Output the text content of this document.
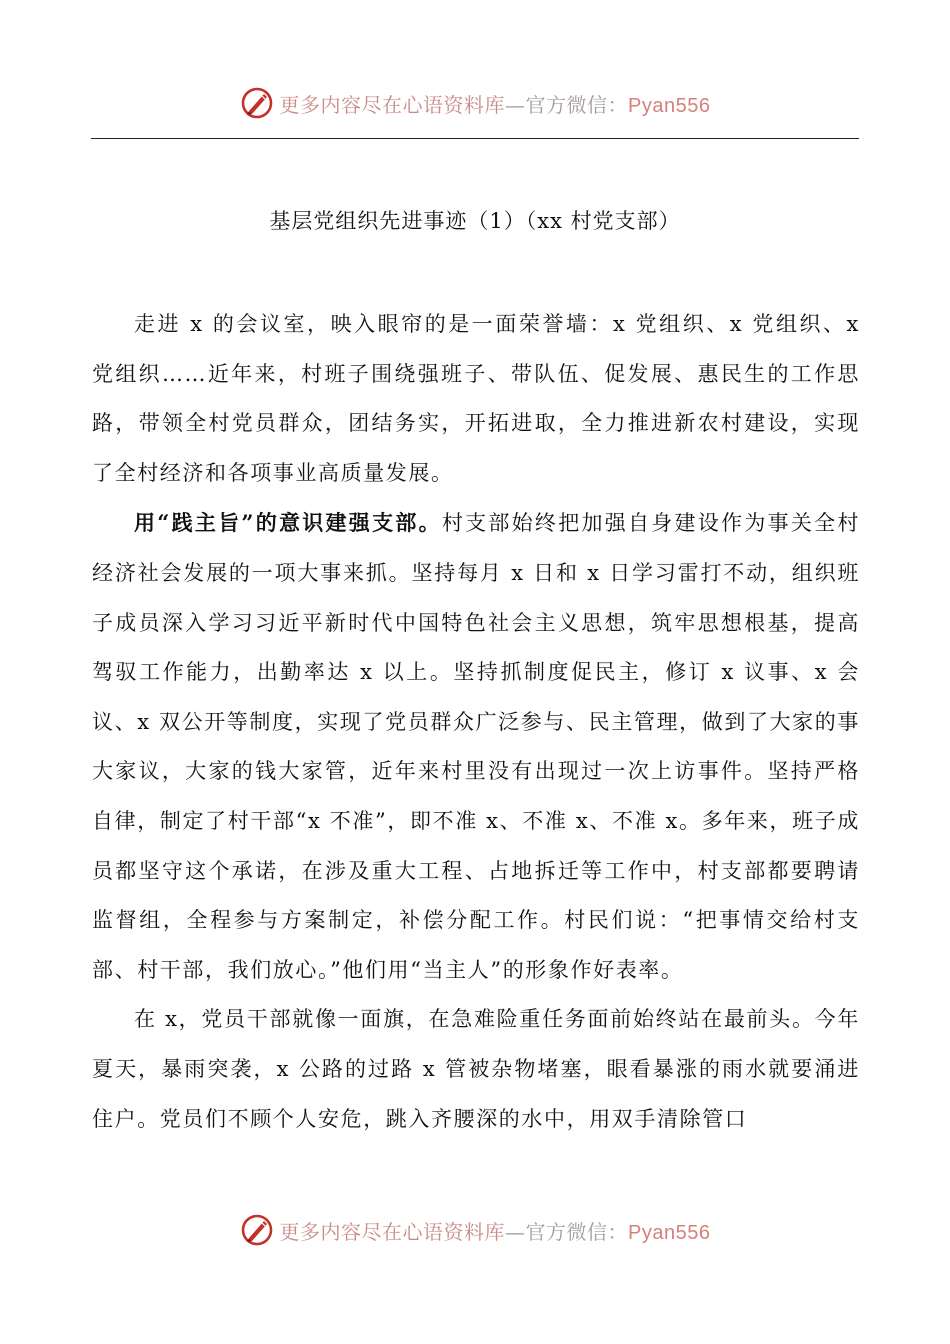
更多内容尽在心语资料库—官方微信：Pyan556
基层党组织先进事迹（1）（xx 村党支部）

走进 x 的会议室，映入眼帘的是一面荣誉墙：x 党组织、x 党组织、x 党组织……近年来，村班子围绕强班子、带队伍、促发展、惠民生的工作思路，带领全村党员群众，团结务实，开拓进取，全力推进新农村建设，实现了全村经济和各项事业高质量发展。

用“践主旨”的意识建强支部。村支部始终把加强自身建设作为事关全村经济社会发展的一项大事来抓。坚持每月 x 日和 x 日学习雷打不动，组织班子成员深入学习习近平新时代中国特色社会主义思想，筑牢思想根基，提高驾驭工作能力，出勤率达 x 以上。坚持抓制度促民主，修订 x 议事、x 会议、x 双公开等制度，实现了党员群众广泛参与、民主管理，做到了大家的事大家议，大家的钱大家管，近年来村里没有出现过一次上访事件。坚持严格自律，制定了村干部“x 不准”，即不准 x、不准 x、不准 x。多年来，班子成员都坚守这个承诺，在涉及重大工程、占地拆迁等工作中，村支部都要聘请监督组，全程参与方案制定，补偿分配工作。村民们说：“把事情交给村支部、村干部，我们放心。”他们用“当主人”的形象作好表率。

在 x，党员干部就像一面旗，在急难险重任务面前始终站在最前头。今年夏天，暴雨突袭，x 公路的过路 x 管被杂物堵塞，眼看暴涨的雨水就要涌进住户。党员们不顾个人安危，跳入齐腰深的水中，用双手清除管口

更多内容尽在心语资料库—官方微信：Pyan556
